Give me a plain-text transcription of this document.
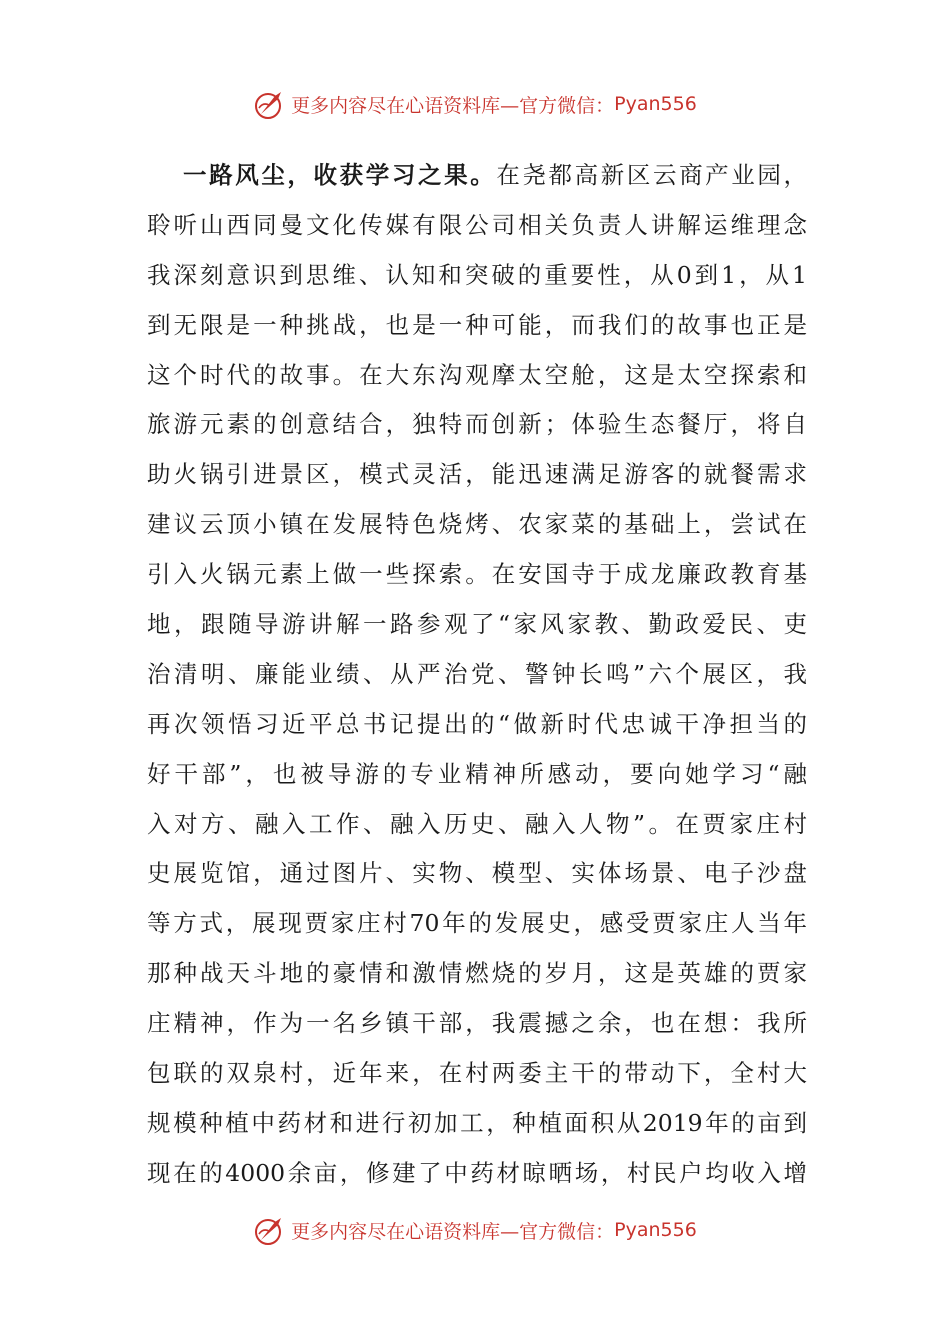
更多内容尽在心语资料库—官方微信： Pyan556
一路风尘，收获学习之果。在尧都高新区云商产业园，
聆听山西同曼文化传媒有限公司相关负责人讲解运维理念
我深刻意识到思维、认知和突破的重要性，从0到1，从1
到无限是一种挑战，也是一种可能，而我们的故事也正是
这个时代的故事。在大东沟观摩太空舱，这是太空探索和
旅游元素的创意结合，独特而创新；体验生态餐厅，将自
助火锅引进景区，模式灵活，能迅速满足游客的就餐需求
建议云顶小镇在发展特色烧烤、农家菜的基础上，尝试在
引入火锅元素上做一些探索。在安国寺于成龙廉政教育基
地，跟随导游讲解一路参观了“家风家教、勤政爱民、吏
治清明、廉能业绩、从严治党、警钟长鸣”六个展区，我
再次领悟习近平总书记提出的“做新时代忠诚干净担当的
好干部”，也被导游的专业精神所感动，要向她学习“融
入对方、融入工作、融入历史、融入人物”。在贾家庄村
史展览馆，通过图片、实物、模型、实体场景、电子沙盘
等方式，展现贾家庄村70年的发展史，感受贾家庄人当年
那种战天斗地的豪情和激情燃烧的岁月，这是英雄的贾家
庄精神，作为一名乡镇干部，我震撼之余，也在想：我所
包联的双泉村，近年来，在村两委主干的带动下，全村大
规模种植中药材和进行初加工，种植面积从2019年的亩到
现在的4000余亩，修建了中药材晾晒场，村民户均收入增
更多内容尽在心语资料库—官方微信： Pyan556
